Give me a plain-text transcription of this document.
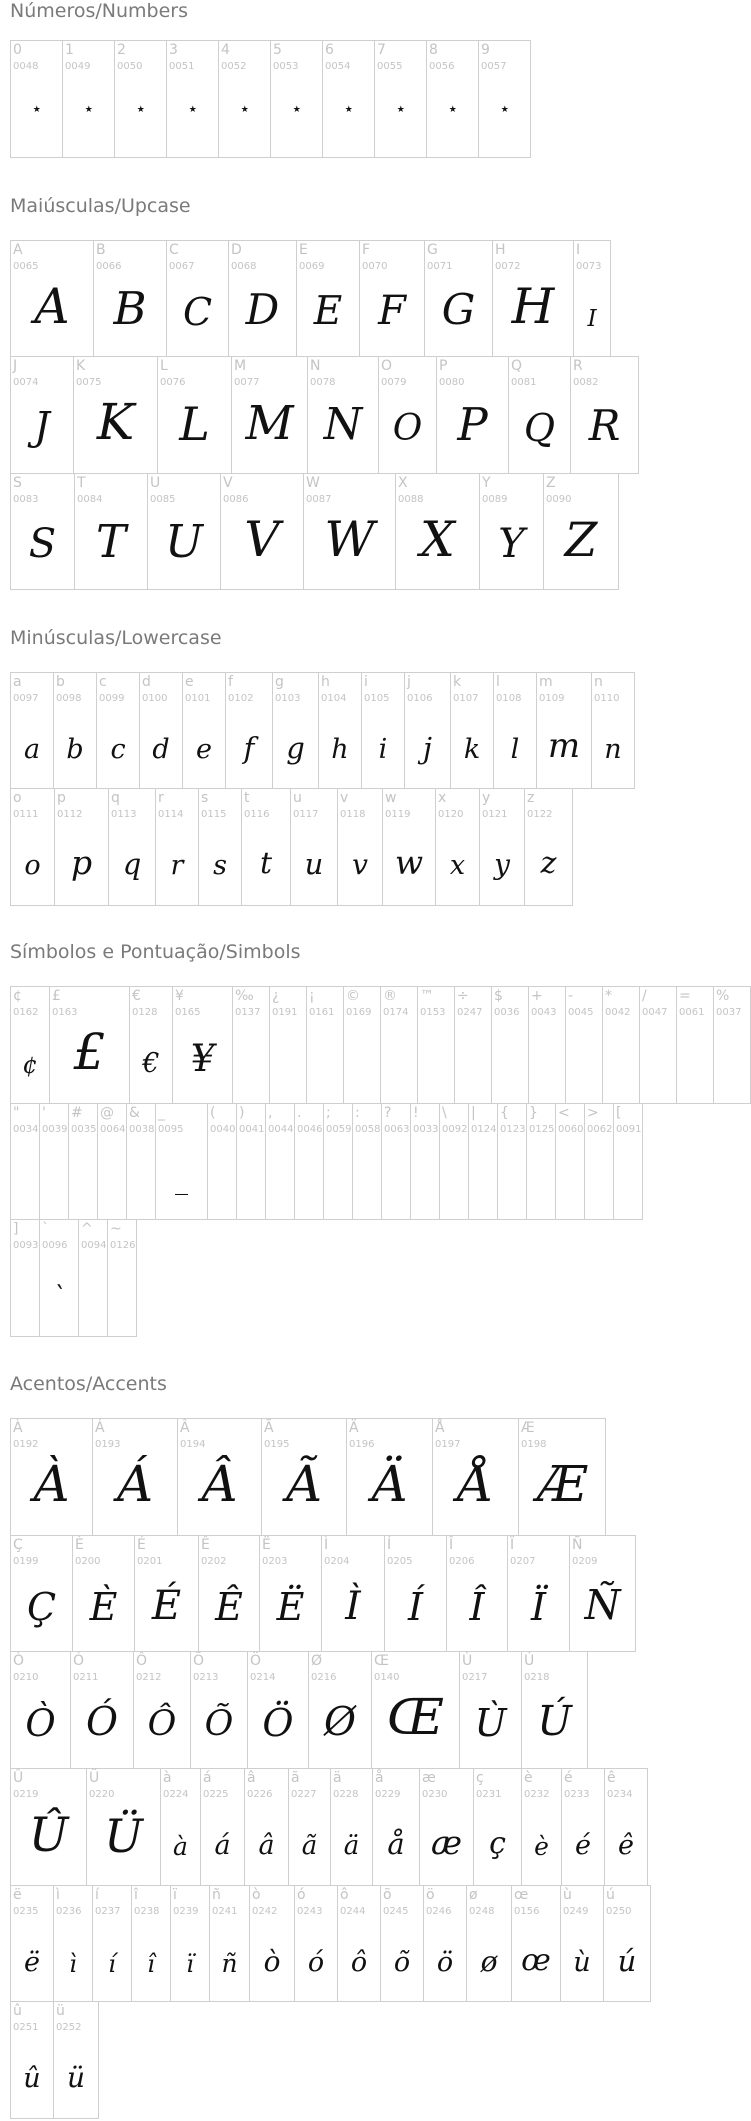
Números/Numbers
0
0048
★
1
0049
★
2
0050
★
3
0051
★
4
0052
★
5
0053
★
6
0054
★
7
0055
★
8
0056
★
9
0057
★
Maiúsculas/Upcase
A
0065
A
B
0066
B
C
0067
C
D
0068
D
E
0069
E
F
0070
F
G
0071
G
H
0072
H
I
0073
I
J
0074
J
K
0075
K
L
0076
L
M
0077
M
N
0078
N
O
0079
O
P
0080
P
Q
0081
Q
R
0082
R
S
0083
S
T
0084
T
U
0085
U
V
0086
V
W
0087
W
X
0088
X
Y
0089
Y
Z
0090
Z
Minúsculas/Lowercase
a
0097
a
b
0098
b
c
0099
c
d
0100
d
e
0101
e
f
0102
f
g
0103
g
h
0104
h
i
0105
i
j
0106
j
k
0107
k
l
0108
l
m
0109
m
n
0110
n
o
0111
o
p
0112
p
q
0113
q
r
0114
r
s
0115
s
t
0116
t
u
0117
u
v
0118
v
w
0119
w
x
0120
x
y
0121
y
z
0122
z
Símbolos e Pontuação/Simbols
¢
0162
¢
£
0163
£
€
0128
€
¥
0165
¥
‰
0137
¿
0191
¡
0161
©
0169
®
0174
™
0153
÷
0247
$
0036
+
0043
-
0045
*
0042
/
0047
=
0061
%
0037
"
0034
'
0039
#
0035
@
0064
&
0038
_
0095
_
(
0040
)
0041
,
0044
.
0046
;
0059
:
0058
?
0063
!
0033
\
0092
|
0124
{
0123
}
0125
<
0060
>
0062
[
0091
]
0093
`
0096
`
^
0094
~
0126
Acentos/Accents
À
0192
À
Á
0193
Á
Â
0194
Â
Ã
0195
Ã
Ä
0196
Ä
Å
0197
Å
Æ
0198
Æ
Ç
0199
Ç
È
0200
È
É
0201
É
Ê
0202
Ê
Ë
0203
Ë
Ì
0204
Ì
Í
0205
Í
Î
0206
Î
Ï
0207
Ï
Ñ
0209
Ñ
Ò
0210
Ò
Ó
0211
Ó
Ô
0212
Ô
Õ
0213
Õ
Ö
0214
Ö
Ø
0216
Ø
Œ
0140
Œ
Ù
0217
Ù
Ú
0218
Ú
Û
0219
Û
Ü
0220
Ü
à
0224
à
á
0225
á
â
0226
â
ã
0227
ã
ä
0228
ä
å
0229
å
æ
0230
æ
ç
0231
ç
è
0232
è
é
0233
é
ê
0234
ê
ë
0235
ë
ì
0236
ì
í
0237
í
î
0238
î
ï
0239
ï
ñ
0241
ñ
ò
0242
ò
ó
0243
ó
ô
0244
ô
õ
0245
õ
ö
0246
ö
ø
0248
ø
œ
0156
œ
ù
0249
ù
ú
0250
ú
û
0251
û
ü
0252
ü
